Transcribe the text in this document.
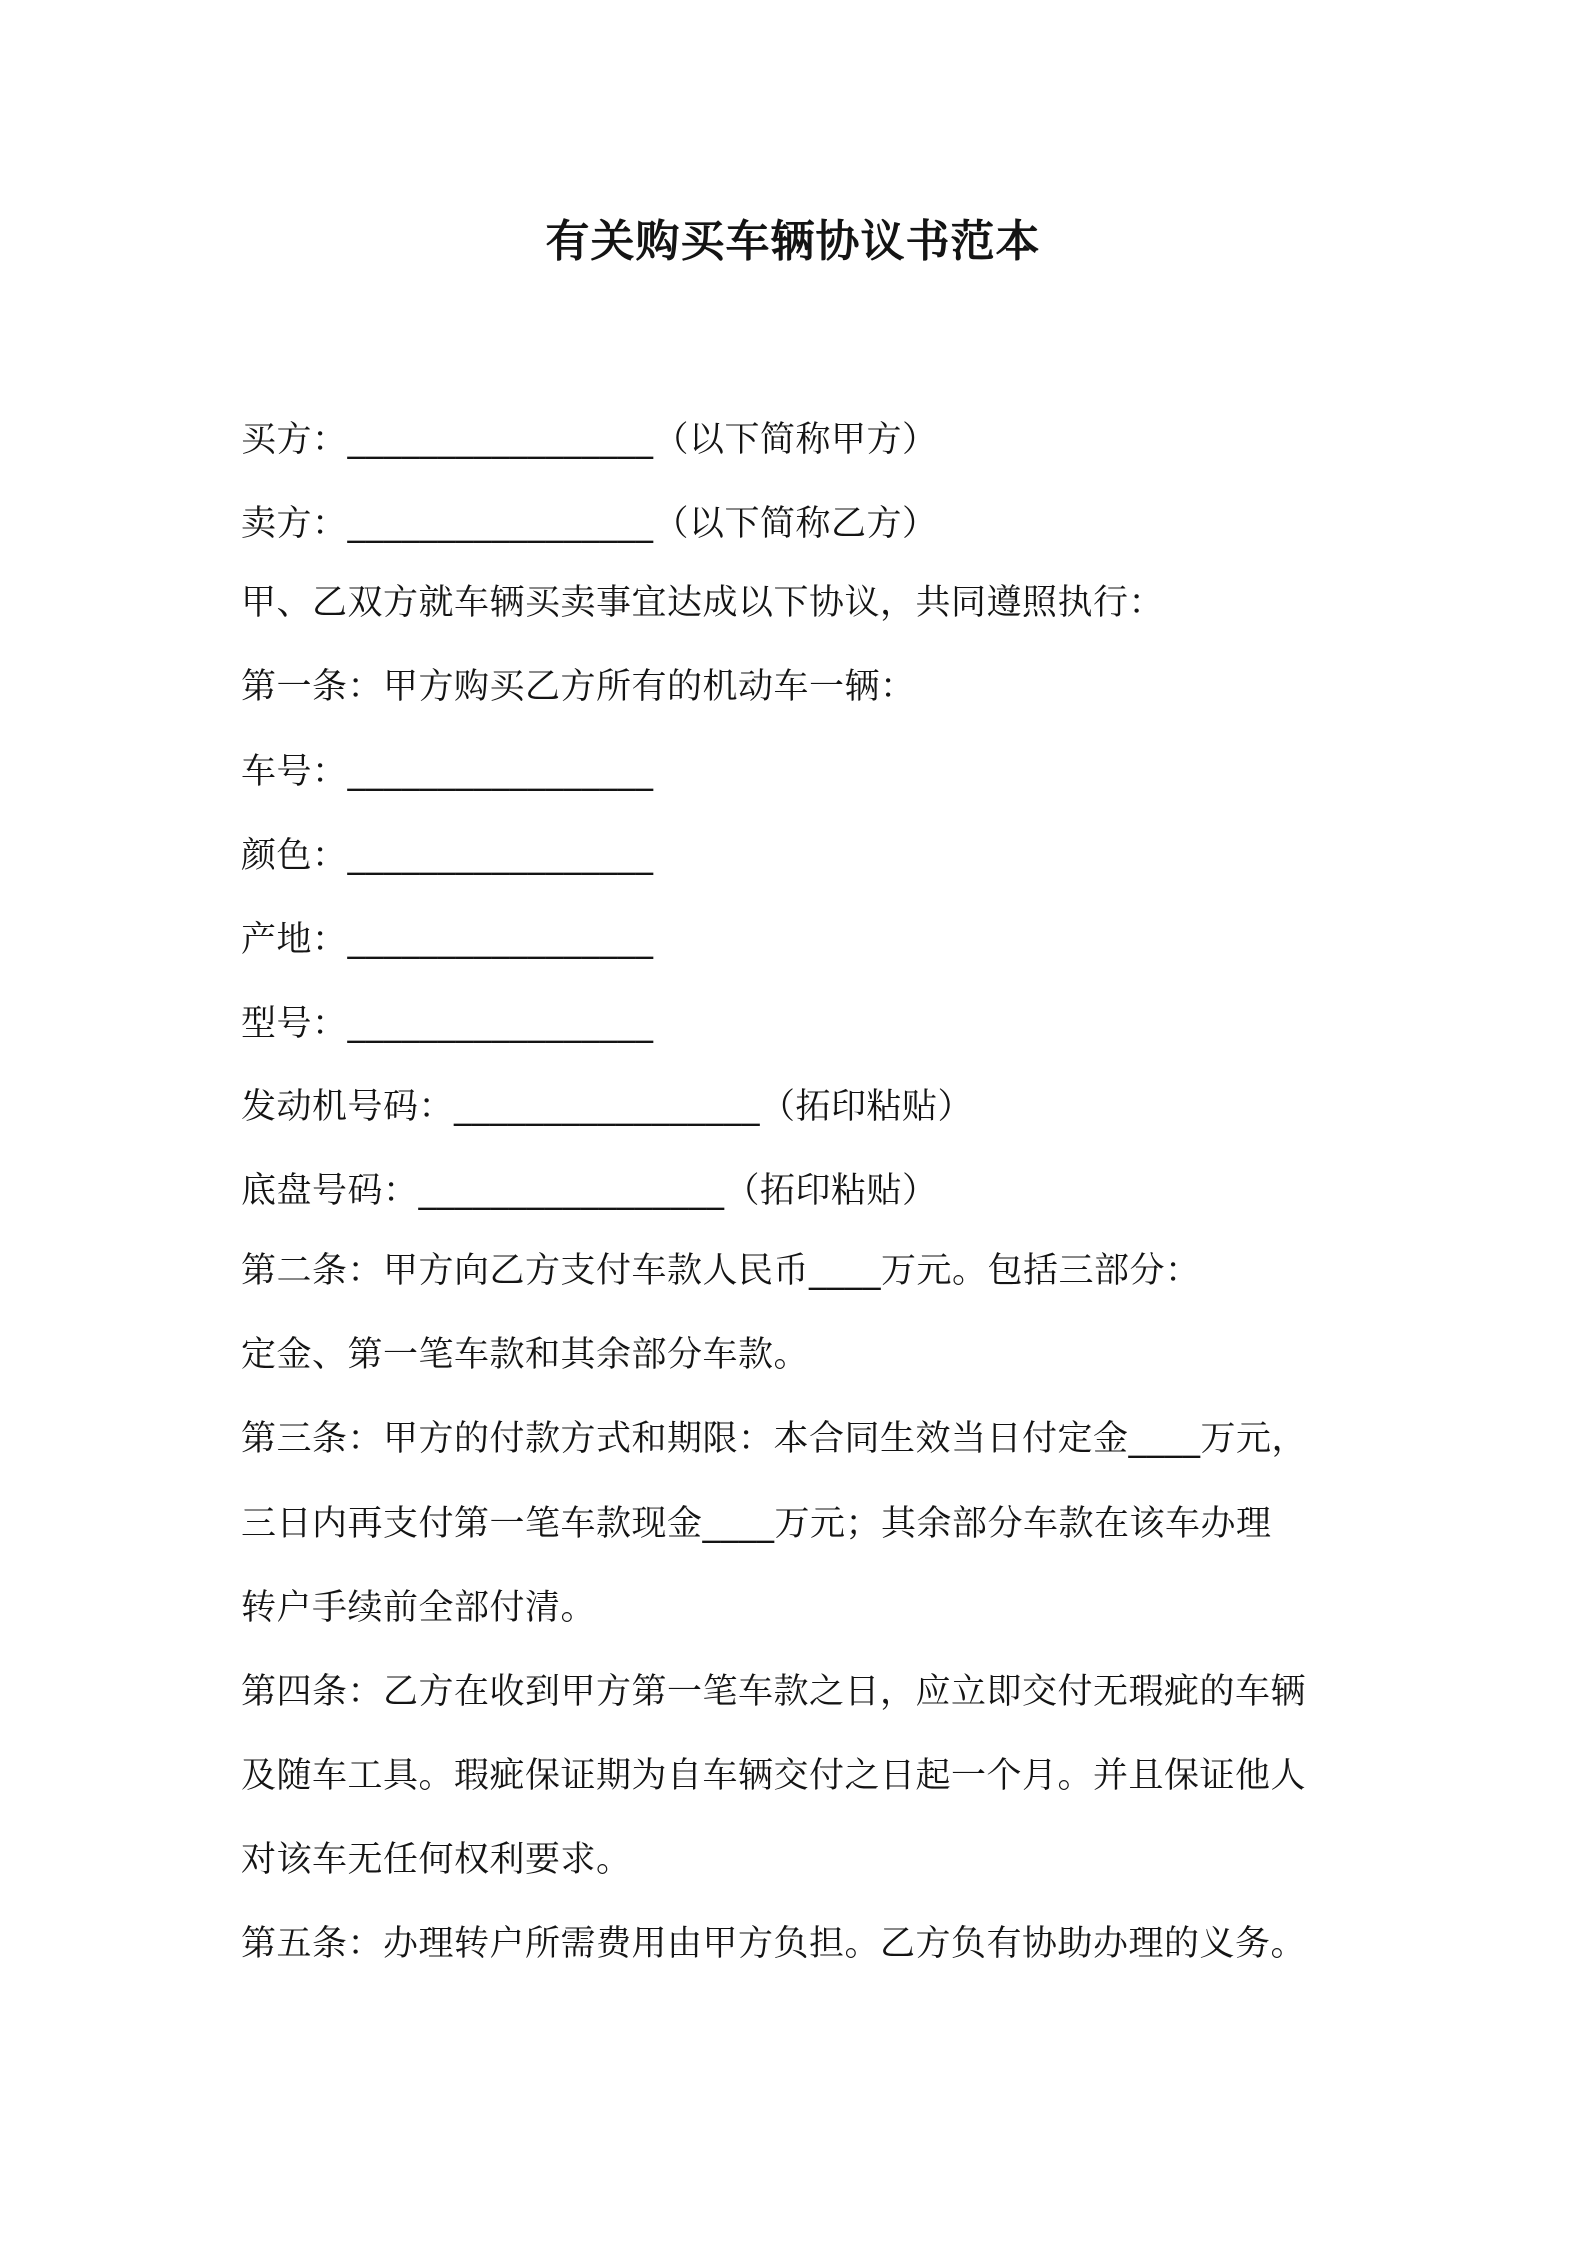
有关购买车辆协议书范本
买方：_________________（以下简称甲方）
卖方：_________________（以下简称乙方）
甲、乙双方就车辆买卖事宜达成以下协议，共同遵照执行：
第一条：甲方购买乙方所有的机动车一辆：
车号：_________________
颜色：_________________
产地：_________________
型号：_________________
发动机号码：_________________（拓印粘贴）
底盘号码：_________________（拓印粘贴）
第二条：甲方向乙方支付车款人民币____万元。包括三部分：
定金、第一笔车款和其余部分车款。
第三条：甲方的付款方式和期限：本合同生效当日付定金____万元，
三日内再支付第一笔车款现金____万元；其余部分车款在该车办理
转户手续前全部付清。
第四条：乙方在收到甲方第一笔车款之日，应立即交付无瑕疵的车辆
及随车工具。瑕疵保证期为自车辆交付之日起一个月。并且保证他人
对该车无任何权利要求。
第五条：办理转户所需费用由甲方负担。乙方负有协助办理的义务。
